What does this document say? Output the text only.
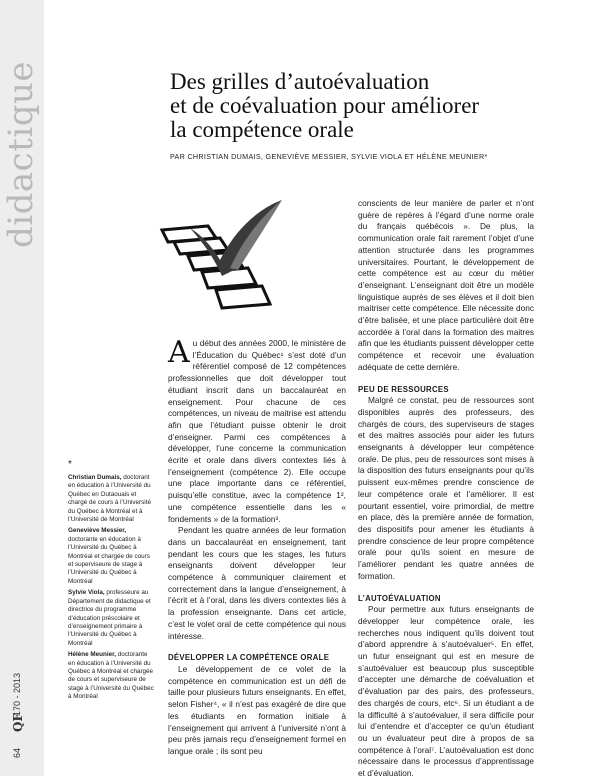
didactique
64
QF
170 - 2013
Des grilles d’autoévaluation
et de coévaluation pour améliorer
la compétence orale
PAR CHRISTIAN DUMAIS, GENEVIÈVE MESSIER, SYLVIE VIOLA ET HÉLÈNE MEUNIER*
A u début des années 2000, le ministère de l’Éducation du Québec¹ s’est doté d’un référentiel composé de 12 compétences professionnelles que doit développer tout étudiant inscrit dans un baccalauréat en enseignement. Pour chacune de ces compétences, un niveau de maitrise est attendu afin que l’étudiant puisse obtenir le droit d’enseigner. Parmi ces compétences à développer, l’une concerne la communication écrite et orale dans divers contextes liés à l’enseignement (compétence 2). Elle occupe une place importante dans ce référentiel, puisqu’elle constitue, avec la compétence 1², une compétence essentielle dans les « fondements » de la formation³.

Pendant les quatre années de leur formation dans un baccalauréat en enseignement, tant pendant les cours que les stages, les futurs enseignants doivent développer leur compétence à communiquer clairement et correctement dans la langue d’enseignement, à l’écrit et à l’oral, dans les divers contextes liés à la profession enseignante. Dans cet article, c’est le volet oral de cette compétence qui nous intéresse.

DÉVELOPPER LA COMPÉTENCE ORALE

Le développement de ce volet de la compétence en communication est un défi de taille pour plusieurs futurs enseignants. En effet, selon Fisher⁴, « il n’est pas exagéré de dire que les étudiants en formation initiale à l’enseignement qui arrivent à l’université n’ont à peu près jamais reçu d’enseignement formel en langue orale ; ils sont peu

conscients de leur manière de parler et n’ont guère de repères à l’égard d’une norme orale du français québécois ». De plus, la communication orale fait rarement l’objet d’une attention structurée dans les programmes universitaires. Pourtant, le développement de cette compétence est au cœur du métier d’enseignant. L’enseignant doit être un modèle linguistique auprès de ses élèves et il doit bien maitriser cette compétence. Elle nécessite donc d’être balisée, et une place particulière doit être accordée à l’oral dans la formation des maitres afin que les étudiants puissent développer cette compétence et recevoir une évaluation adéquate de cette dernière.

PEU DE RESSOURCES

Malgré ce constat, peu de ressources sont disponibles auprès des professeurs, des chargés de cours, des superviseurs de stages et des maitres associés pour aider les futurs enseignants à développer leur compétence orale. De plus, peu de ressources sont mises à la disposition des futurs enseignants pour qu’ils puissent eux-mêmes prendre conscience de leur compétence orale et l’améliorer. Il est pourtant essentiel, voire primordial, de mettre en place, dès la première année de formation, des dispositifs pour amener les étudiants à prendre conscience de leur propre compétence orale pour qu’ils soient en mesure de l’améliorer pendant les quatre années de formation.

L’AUTOÉVALUATION

Pour permettre aux futurs enseignants de développer leur compétence orale, les recherches nous indiquent qu’ils doivent tout d’abord apprendre à s’autoévaluer⁵. En effet, un futur enseignant qui est en mesure de s’autoévaluer est beaucoup plus susceptible d’accepter une démarche de coévaluation et d’évaluation par des pairs, des professeurs, des chargés de cours, etc⁶. Si un étudiant a de la difficulté à s’autoévaluer, il sera difficile pour lui d’entendre et d’accepter ce qu’un étudiant ou un évaluateur peut dire à propos de sa compétence à l’oral⁷. L’autoévaluation est donc nécessaire dans le processus d’apprentissage et d’évaluation.

*

Christian Dumais, doctorant en éducation à l’Université du Québec en Outaouais et chargé de cours à l’Université du Québec à Montréal et à l’Université de Montréal

Geneviève Messier, doctorante en éducation à l’Université du Québec à Montréal et chargée de cours et superviseure de stage à l’Université du Québec à Montréal

Sylvie Viola, professeure au Département de didactique et directrice du programme d’éducation préscolaire et d’enseignement primaire à l’Université du Québec à Montréal

Hélène Meunier, doctorante en éducation à l’Université du Québec à Montréal et chargée de cours et superviseure de stage à l’Université du Québec à Montréal
